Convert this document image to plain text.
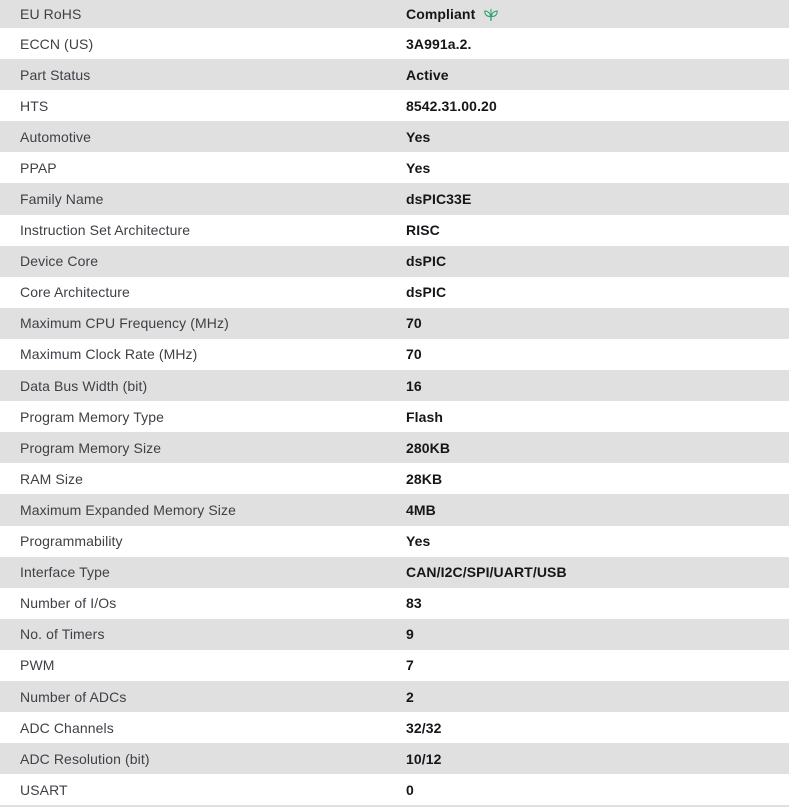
EU RoHS	Compliant
ECCN (US)	3A991a.2.
Part Status	Active
HTS	8542.31.00.20
Automotive	Yes
PPAP	Yes
Family Name	dsPIC33E
Instruction Set Architecture	RISC
Device Core	dsPIC
Core Architecture	dsPIC
Maximum CPU Frequency (MHz)	70
Maximum Clock Rate (MHz)	70
Data Bus Width (bit)	16
Program Memory Type	Flash
Program Memory Size	280KB
RAM Size	28KB
Maximum Expanded Memory Size	4MB
Programmability	Yes
Interface Type	CAN/I2C/SPI/UART/USB
Number of I/Os	83
No. of Timers	9
PWM	7
Number of ADCs	2
ADC Channels	32/32
ADC Resolution (bit)	10/12
USART	0
